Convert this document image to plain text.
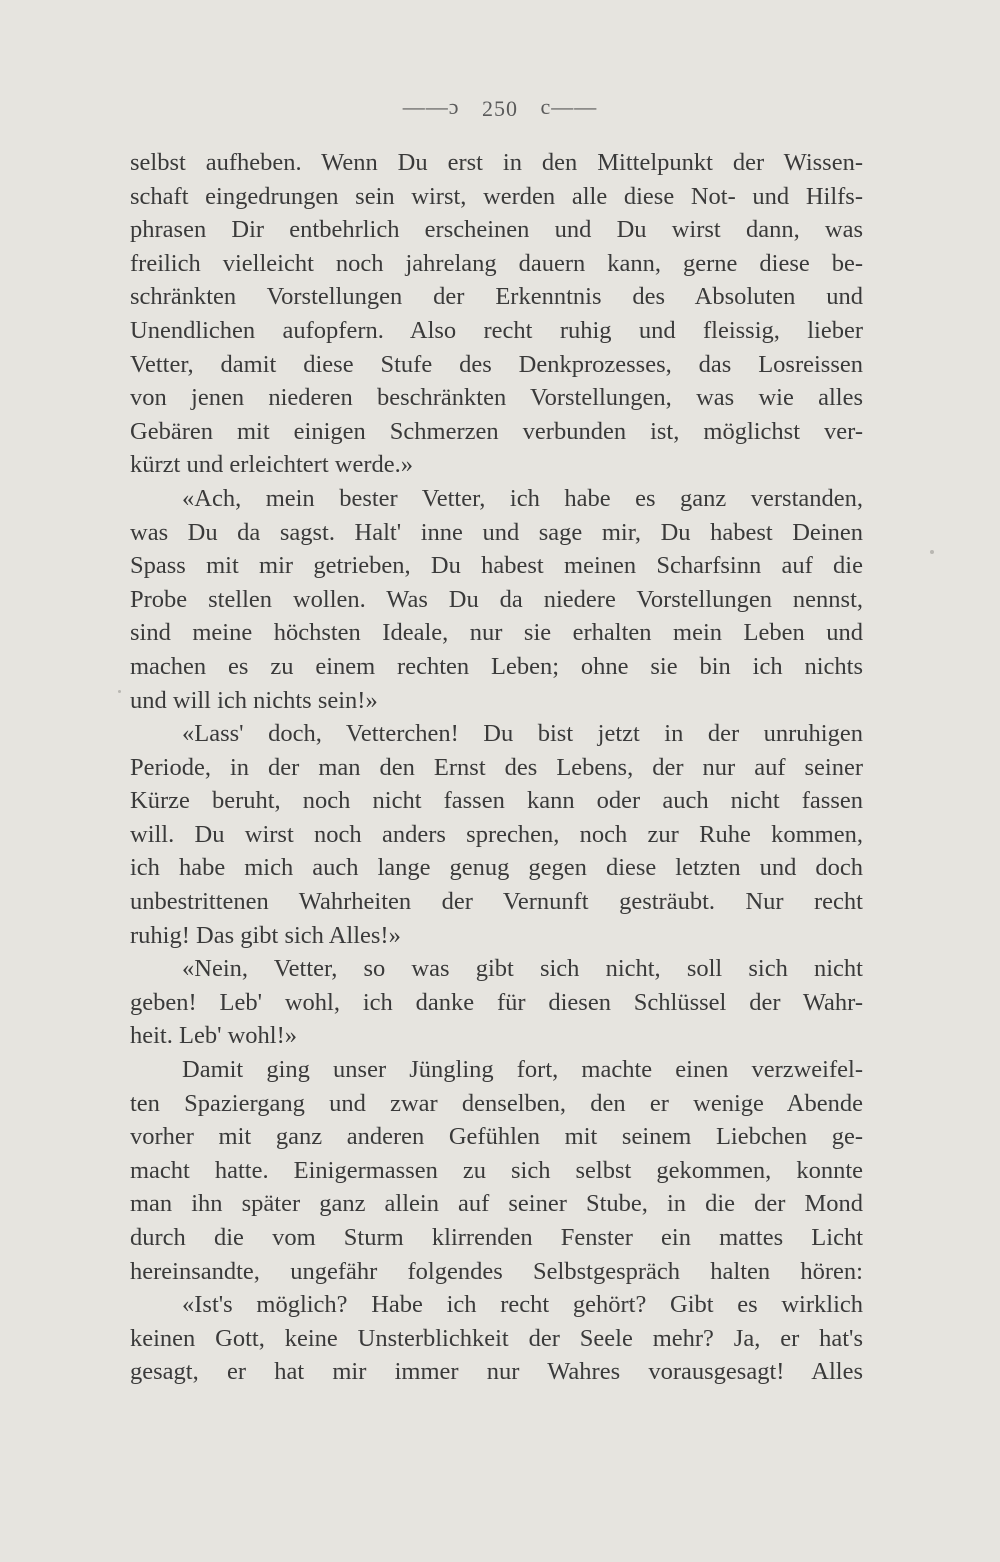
——ɔ 250 c——
selbst aufheben. Wenn Du erst in den Mittelpunkt der Wissen-
schaft eingedrungen sein wirst, werden alle diese Not- und Hilfs-
phrasen Dir entbehrlich erscheinen und Du wirst dann, was
freilich vielleicht noch jahrelang dauern kann, gerne diese be-
schränkten Vorstellungen der Erkenntnis des Absoluten und
Unendlichen aufopfern. Also recht ruhig und fleissig, lieber
Vetter, damit diese Stufe des Denkprozesses, das Losreissen
von jenen niederen beschränkten Vorstellungen, was wie alles
Gebären mit einigen Schmerzen verbunden ist, möglichst ver-
kürzt und erleichtert werde.»
«Ach, mein bester Vetter, ich habe es ganz verstanden,
was Du da sagst. Halt' inne und sage mir, Du habest Deinen
Spass mit mir getrieben, Du habest meinen Scharfsinn auf die
Probe stellen wollen. Was Du da niedere Vorstellungen nennst,
sind meine höchsten Ideale, nur sie erhalten mein Leben und
machen es zu einem rechten Leben; ohne sie bin ich nichts
und will ich nichts sein!»
«Lass' doch, Vetterchen! Du bist jetzt in der unruhigen
Periode, in der man den Ernst des Lebens, der nur auf seiner
Kürze beruht, noch nicht fassen kann oder auch nicht fassen
will. Du wirst noch anders sprechen, noch zur Ruhe kommen,
ich habe mich auch lange genug gegen diese letzten und doch
unbestrittenen Wahrheiten der Vernunft gesträubt. Nur recht
ruhig! Das gibt sich Alles!»
«Nein, Vetter, so was gibt sich nicht, soll sich nicht
geben! Leb' wohl, ich danke für diesen Schlüssel der Wahr-
heit. Leb' wohl!»
Damit ging unser Jüngling fort, machte einen verzweifel-
ten Spaziergang und zwar denselben, den er wenige Abende
vorher mit ganz anderen Gefühlen mit seinem Liebchen ge-
macht hatte. Einigermassen zu sich selbst gekommen, konnte
man ihn später ganz allein auf seiner Stube, in die der Mond
durch die vom Sturm klirrenden Fenster ein mattes Licht
hereinsandte, ungefähr folgendes Selbstgespräch halten hören:
«Ist's möglich? Habe ich recht gehört? Gibt es wirklich
keinen Gott, keine Unsterblichkeit der Seele mehr? Ja, er hat's
gesagt, er hat mir immer nur Wahres vorausgesagt! Alles
